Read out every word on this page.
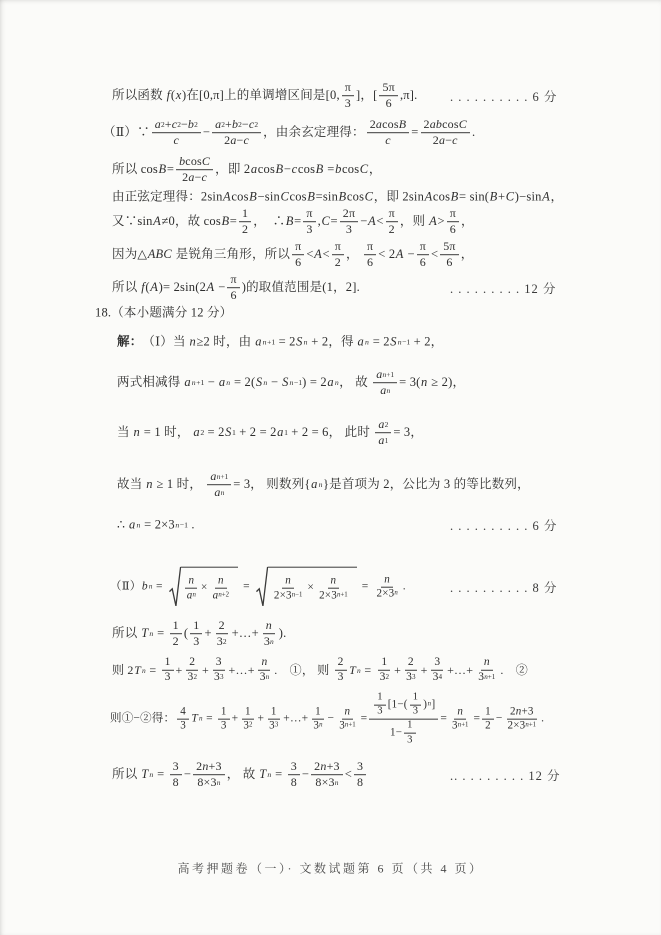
所以函数 f ( x )在[0,π]上的单调增区间是[0, $\frac{\pi}{3}$ ]，[ $\frac{5\pi}{6} ,\pi$].	. . . . . . . . . . 6 分
（Ⅱ）∵ $\frac{a 2 + c 2 - b 2}{c} - \frac{a 2 + b 2 - c 2}{2 a - c}$ ，由余玄定理得： $\frac{\text{2 a cos B}}{c} = \frac{\text{2 ab cos C}}{2 a - c}$ .
所以 $\cos B = \frac{\text{b cos C}}{2 a - c}$ ，即 2 a cos B − c cos B = b cos C ，
由正弦定理得：2sin A cos B −sin C cos B =sin B cos C ，即 2sin A cos B = sin( B + C )−sin A ，
又∵sin A ≠0，故 $\cos B = \frac{1}{2}$ ，  ∴ $B = \frac{\pi}{3}$ , $C = \frac{2\pi}{3} - A < \frac{\pi}{2}$ ，则 $A > \frac{\pi}{6}$ ，
因为△ ABC 是锐角三角形，所以 $\frac{\pi}{6} < A < \frac{\pi}{2}$ ， $\frac{\pi}{6} < 2$ $A - \frac{\pi}{6} < \frac{5\pi}{6}$ ，
所以 f ( A )= 2sin(2 $A - \frac{\pi}{6}$ )的取值范围是(1，2].	. . . . . . . . . 12 分
18.（本小题满分 12 分）
解： （Ⅰ）当 n ≥2 时，由 a n+1 = 2 S n + 2，得 a n = 2 S n−1 + 2，
两式相减得 a n+1 − a n = 2( S n − S n−1 ) = 2 a n ， 故 $\frac{\text{a n+1}}{\text{a n}} = 3$( n ≥ 2)，
当 n = 1 时， a 2 = 2 S 1 + 2 = 2 a 1 + 2 = 6， 此时 $\frac{a 2}{a 1} = 3$，
故当 n ≥ 1 时， $\frac{\text{a n+1}}{\text{a n}} = 3$， 则数列{ a n }是首项为 2，公比为 3 的等比数列，
∴ a n = 2×3 n−1 .	. . . . . . . . . . 6 分
（Ⅱ） b $n = \frac{n}{\text{a n}} \times \frac{n}{\text{a n+2}} = \frac{n}{2\times 3 n-1} \times \frac{n}{2\times 3 n+1} = \frac{n}{2\times 3 n}$ .	. . . . . . . . . . 8 分
所以 T $n = \frac{1}{2}$ ( $\frac{1}{3} + \frac{2}{3 2}$ +…+ $\frac{n}{3 n}$ ).
则 2 T $n = \frac{1}{3} + \frac{2}{3 2} + \frac{3}{3 3}$ +…+ $\frac{n}{3 n}$ .　①， 则 $\frac{2}{3}$ T $n = \frac{1}{3 2} + \frac{2}{3 3} + \frac{3}{3 4}$ +…+ $\frac{n}{3 n+1}$ .　②
则①−②得： $\frac{4}{3}$ T $n = \frac{1}{3} + \frac{1}{3 2} + \frac{1}{3 3}$ +…+ $\frac{1}{3 n} - \frac{n}{3 n+1} = \frac{\frac{1}{3} [1-( \frac{1}{3} ) n ]}{1- \frac{1}{3}} = \frac{n}{3 n+1} = \frac{1}{2} - \frac{2 n +3}{2\times 3 n+1}$ .
所以 T $n = \frac{3}{8} - \frac{2 n +3}{8\times 3 n}$ ， 故 T $n = \frac{3}{8} - \frac{2 n +3}{8\times 3 n} < \frac{3}{8}$	.. . . . . . . . . 12 分
高考押题卷（一）· 文数试题第 6 页（共 4 页）
